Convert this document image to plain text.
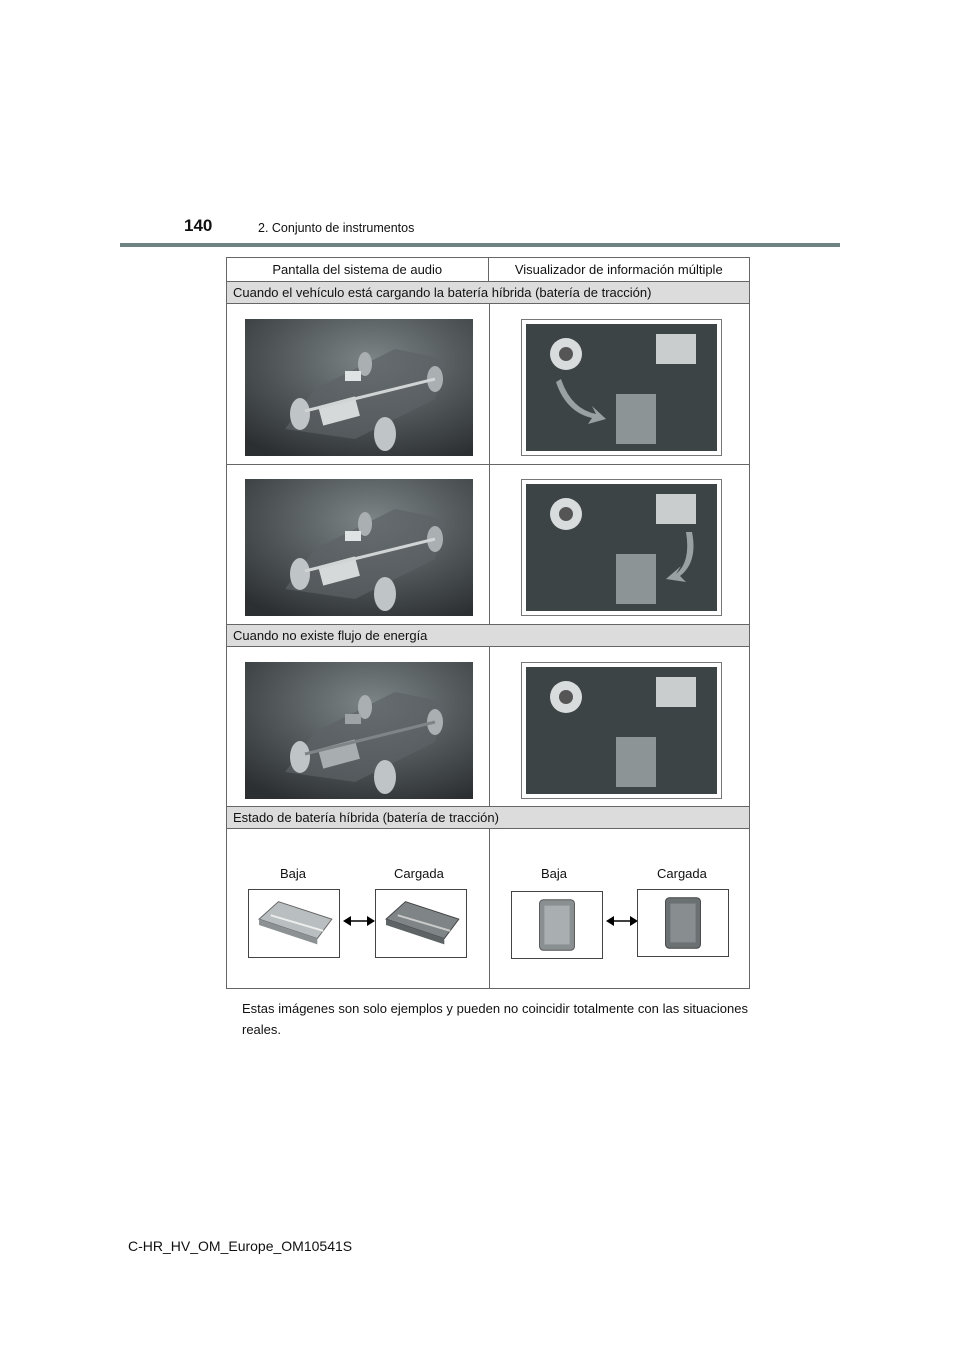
140	2. Conjunto de instrumentos
Pantalla del sistema de audio	Visualizador de información múltiple
Cuando el vehículo está cargando la batería híbrida (batería de tracción)
Cuando no existe flujo de energía
Estado de batería híbrida (batería de tracción)
Baja	Cargada	Baja	Cargada
Estas imágenes son solo ejemplos y pueden no coincidir totalmente con las situaciones reales.
C-HR_HV_OM_Europe_OM10541S
